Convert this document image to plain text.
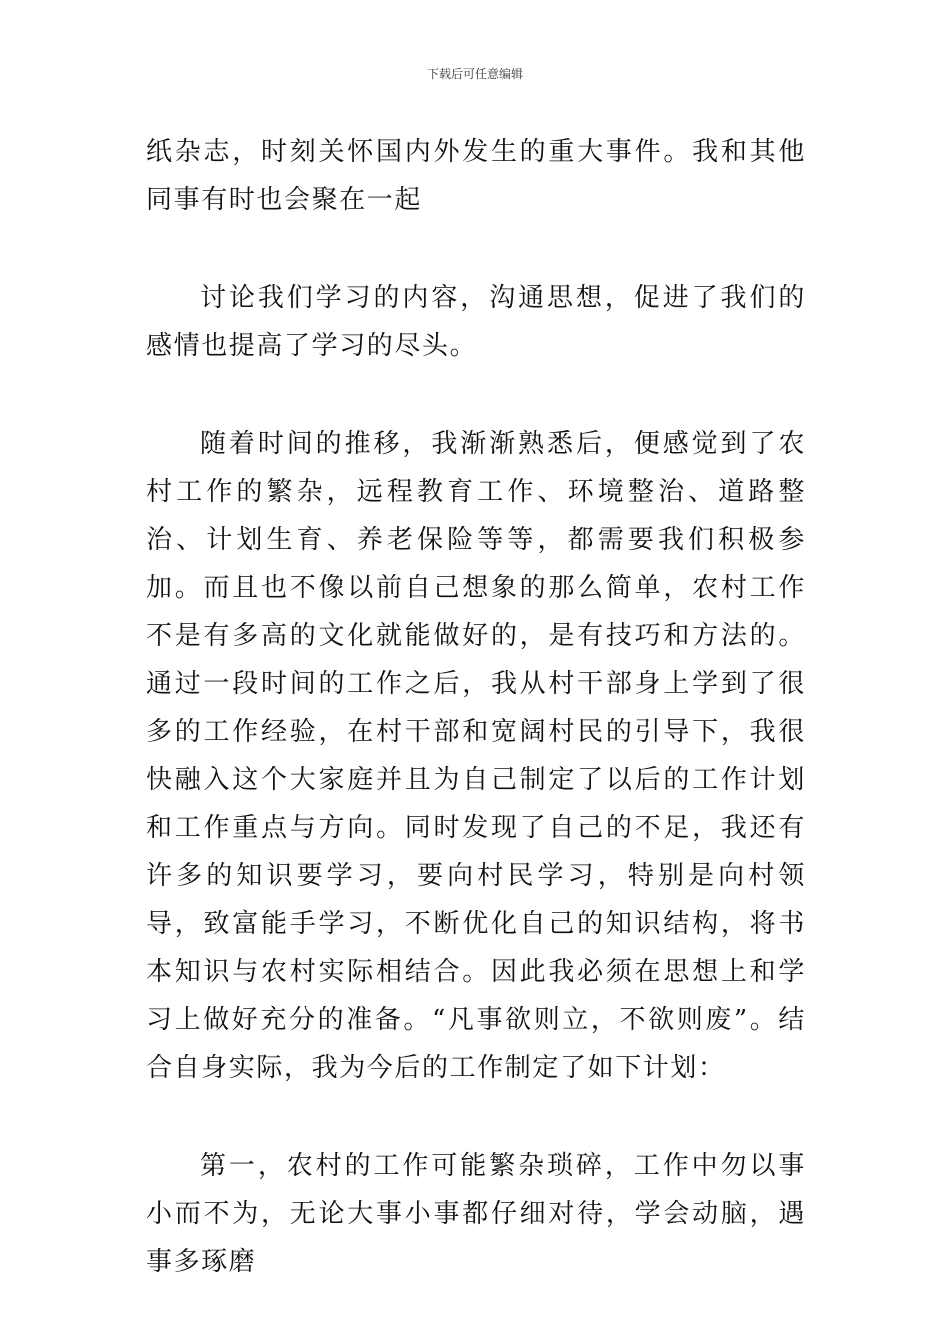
下载后可任意编辑

纸杂志，时刻关怀国内外发生的重大事件。我和其他同事有时也会聚在一起

讨论我们学习的内容，沟通思想，促进了我们的感情也提高了学习的尽头。

随着时间的推移，我渐渐熟悉后，便感觉到了农村工作的繁杂，远程教育工作、环境整治、道路整治、计划生育、养老保险等等，都需要我们积极参加。而且也不像以前自己想象的那么简单，农村工作不是有多高的文化就能做好的，是有技巧和方法的。通过一段时间的工作之后，我从村干部身上学到了很多的工作经验，在村干部和宽阔村民的引导下，我很快融入这个大家庭并且为自己制定了以后的工作计划和工作重点与方向。同时发现了自己的不足，我还有许多的知识要学习，要向村民学习，特别是向村领导，致富能手学习，不断优化自己的知识结构，将书本知识与农村实际相结合。因此我必须在思想上和学习上做好充分的准备。“凡事欲则立，不欲则废”。结合自身实际，我为今后的工作制定了如下计划：

第一，农村的工作可能繁杂琐碎，工作中勿以事小而不为，无论大事小事都仔细对待，学会动脑，遇事多琢磨
